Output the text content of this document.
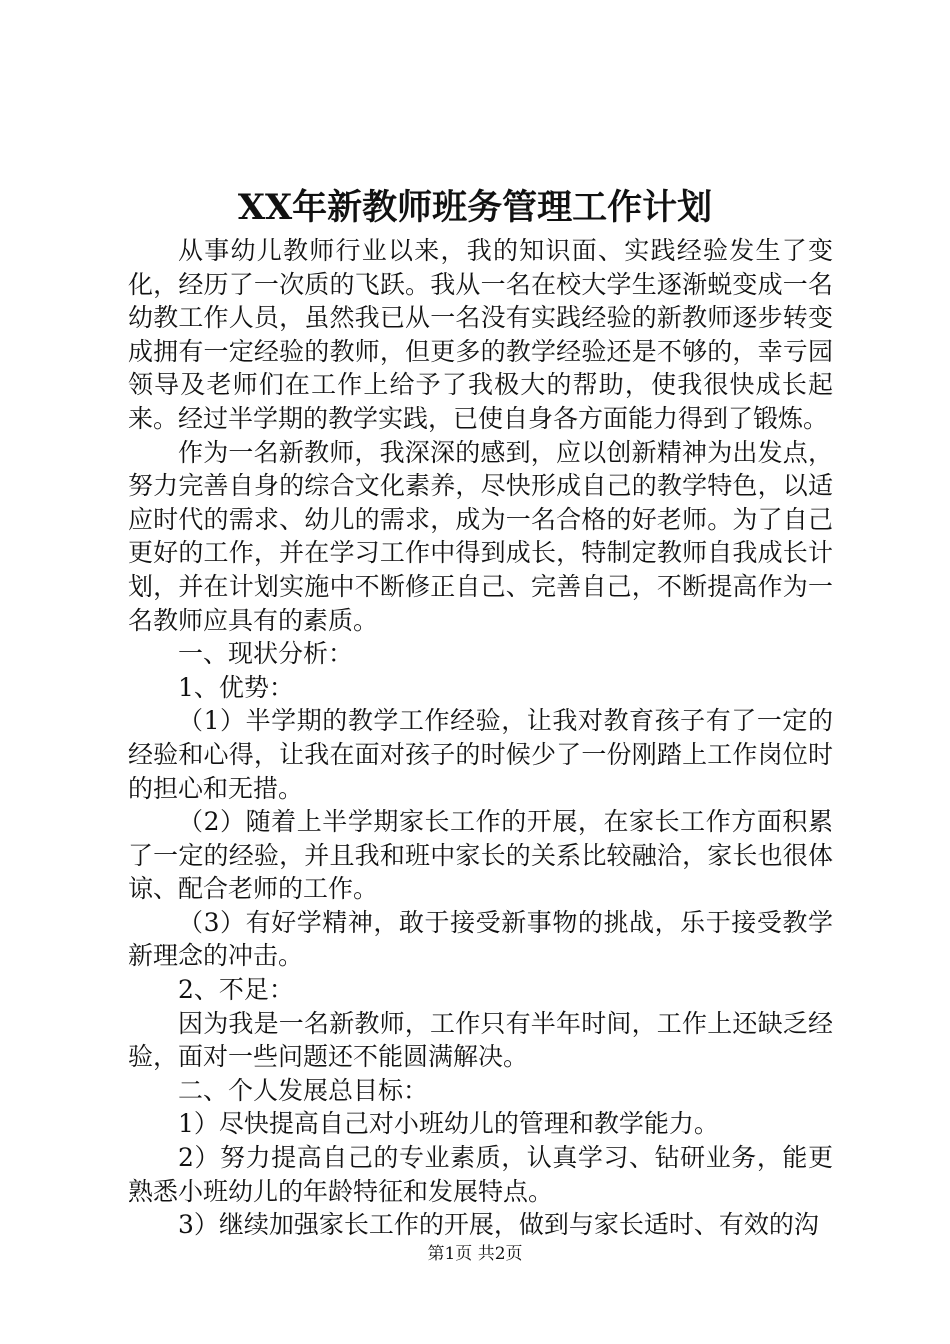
XX年新教师班务管理工作计划

从事幼儿教师行业以来，我的知识面、实践经验发生了变化，经历了一次质的飞跃。我从一名在校大学生逐渐蜕变成一名幼教工作人员，虽然我已从一名没有实践经验的新教师逐步转变成拥有一定经验的教师，但更多的教学经验还是不够的，幸亏园领导及老师们在工作上给予了我极大的帮助，使我很快成长起来。经过半学期的教学实践，已使自身各方面能力得到了锻炼。

作为一名新教师，我深深的感到，应以创新精神为出发点，努力完善自身的综合文化素养，尽快形成自己的教学特色，以适应时代的需求、幼儿的需求，成为一名合格的好老师。为了自己更好的工作，并在学习工作中得到成长，特制定教师自我成长计划，并在计划实施中不断修正自己、完善自己，不断提高作为一名教师应具有的素质。

一、现状分析：

1、优势：

（1）半学期的教学工作经验，让我对教育孩子有了一定的经验和心得，让我在面对孩子的时候少了一份刚踏上工作岗位时的担心和无措。

（2）随着上半学期家长工作的开展，在家长工作方面积累了一定的经验，并且我和班中家长的关系比较融洽，家长也很体谅、配合老师的工作。

（3）有好学精神，敢于接受新事物的挑战，乐于接受教学新理念的冲击。

2、不足：

因为我是一名新教师，工作只有半年时间，工作上还缺乏经验，面对一些问题还不能圆满解决。

二、个人发展总目标：

1）尽快提高自己对小班幼儿的管理和教学能力。

2）努力提高自己的专业素质，认真学习、钻研业务，能更熟悉小班幼儿的年龄特征和发展特点。

3）继续加强家长工作的开展，做到与家长适时、有效的沟

第1页 共2页
